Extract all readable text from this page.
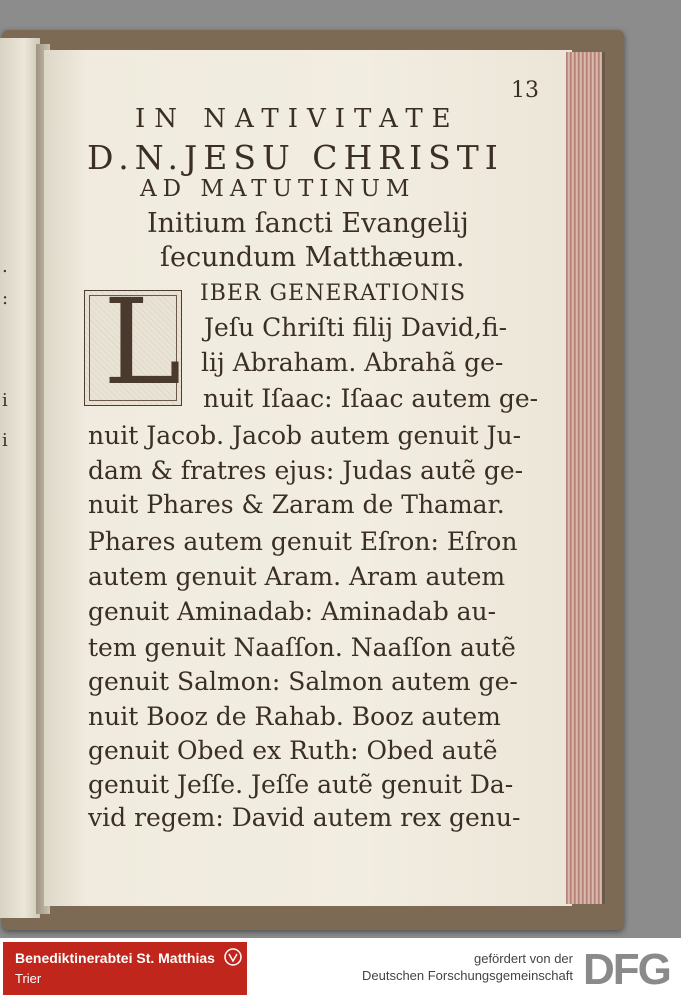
.
:
i
i
13
IN NATIVITATE
D.N.JESU CHRISTI
AD MATUTINUM
Initium ſancti Evangelij
ſecundum Matthæum.
L IBER GENERATIONIS
Jeſu Chriſti filij David,fi-
lij Abraham. Abrahã ge-
nuit Iſaac: Iſaac autem ge-
nuit Jacob. Jacob autem genuit Ju-
dam & fratres ejus: Judas autẽ ge-
nuit Phares & Zaram de Thamar.
Phares autem genuit Eſron: Eſron
autem genuit Aram. Aram autem
genuit Aminadab: Aminadab au-
tem genuit Naaſſon. Naaſſon autẽ
genuit Salmon: Salmon autem ge-
nuit Booz de Rahab. Booz autem
genuit Obed ex Ruth: Obed autẽ
genuit Jeſſe. Jeſſe autẽ genuit Da-
vid regem: David autem rex genu-
Benediktinerabtei St. Matthias
Trier
gefördert von der
Deutschen Forschungsgemeinschaft DFG
